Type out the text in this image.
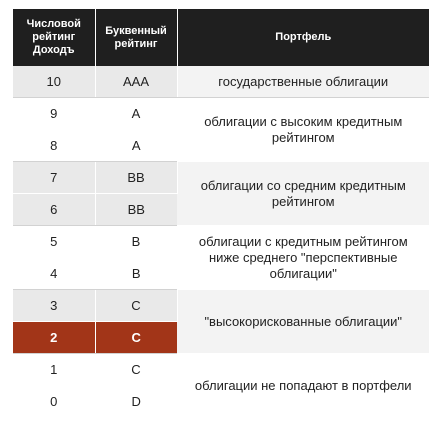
Числовой рейтинг Доходъ	Буквенный рейтинг	Портфель
10	AAA	государственные облигации
9	A	облигации с высоким кредитным рейтингом
8	A	
7	BB	облигации со средним кредитным рейтингом
6	BB	
5	B	облигации с кредитным рейтингом ниже среднего "перспективные облигации"
4	B	
3	C	"высокорискованные облигации"
2	C	
1	C	облигации не попадают в портфели
0	D	
